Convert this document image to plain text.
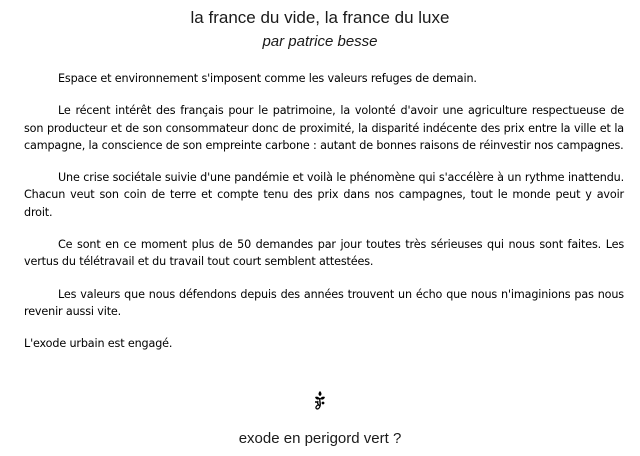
la france du vide, la france du luxe
par patrice besse

Espace et environnement s'imposent comme les valeurs refuges de demain.

Le récent intérêt des français pour le patrimoine, la volonté d'avoir une agriculture respectueuse de son producteur et de son consommateur donc de proximité, la disparité indécente des prix entre la ville et la campagne, la conscience de son empreinte carbone : autant de bonnes raisons de réinvestir nos campagnes.

Une crise sociétale suivie d'une pandémie et voilà le phénomène qui s'accélère à un rythme inattendu. Chacun veut son coin de terre et compte tenu des prix dans nos campagnes, tout le monde peut y avoir droit.

Ce sont en ce moment plus de 50 demandes par jour toutes très sérieuses qui nous sont faites. Les vertus du télétravail et du travail tout court semblent attestées.

Les valeurs que nous défendons depuis des années trouvent un écho que nous n'imaginions pas nous revenir aussi vite.

L'exode urbain est engagé.

exode en perigord vert ?
